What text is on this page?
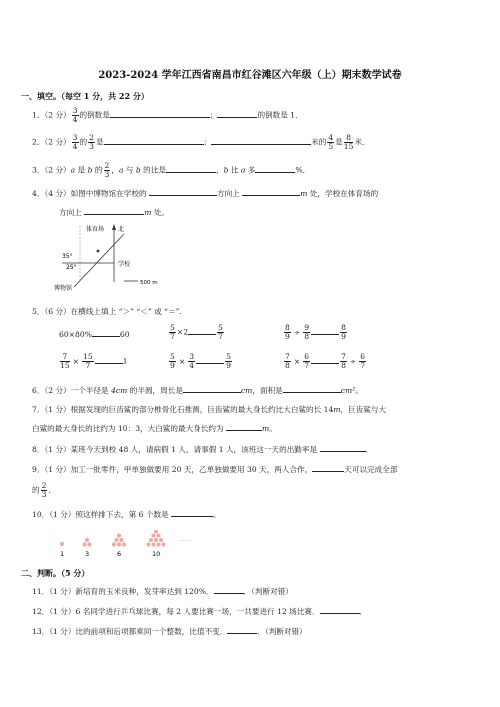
2023-2024 学年江西省南昌市红谷滩区六年级（上）期末数学试卷
一、填空。（每空 1 分，共 22 分）
1．（2 分） $\frac{3}{4}$ 的倒数是	；	的倒数是 1．
2．（2 分） $\frac{3}{4}$ 的 $\frac{2}{3}$ 是	；	米的 $\frac{4}{5}$ 是 $\frac{8}{15}$ 米．
3．（2 分）a 是 b 的 $\frac{2}{3}$ ，a 与 b 的比是	，b 比 a 多	%．
4．（4 分）如图中博物馆在学校的	方向上	m 处，学校在体育场的
方向上	m 处。
体育场 北
35°
25°	学校
博物馆
500 m
5．（6 分）在横线上填上 “＞” “＜” 或 “＝”.
60×80%	60	$\frac{5}{7} \times 2$	$\frac{5}{7}$	$\frac{8}{9} \div \frac{9}{8}$	$\frac{8}{9}$
$\frac{7}{15} \times \frac{15}{7}$	1	$\frac{5}{9} \times \frac{3}{4}$	$\frac{5}{9}$	$\frac{7}{8} \times \frac{6}{7}$	$\frac{7}{8} \div \frac{6}{7}$
6．（2 分）一个半径是 4cm 的半圆，周长是	cm，面积是	cm²。
7．（1 分）根据发现的巨齿鲨的部分椎骨化石推测，巨齿鲨的最大身长约比大白鲨的长 14m，巨齿鲨与大
白鲨的最大身长的比约为 10：3，大白鲨的最大身长约为	m。
8．（1 分）某班今天到校 48 人，请病假 1 人，请事假 1 人，该班这一天的出勤率是	．
9．（1 分）加工一批零件，甲单独做要用 20 天，乙单独做要用 30 天，两人合作，	天可以完成全部
的 $\frac{2}{3}$ ．
10．（1 分）照这样排下去，第 6 个数是	。
1	3	6	10
……
二、判断。（5 分）
11．（1 分）新培育的玉米良种，发芽率达到 120%．	．（判断对错）
12．（1 分）6 名同学进行乒乓球比赛，每 2 人要比赛一场，一共要进行 12 场比赛．	．
13．（1 分）比的前项和后项都乘同一个整数，比值不变．	．（判断对错）
